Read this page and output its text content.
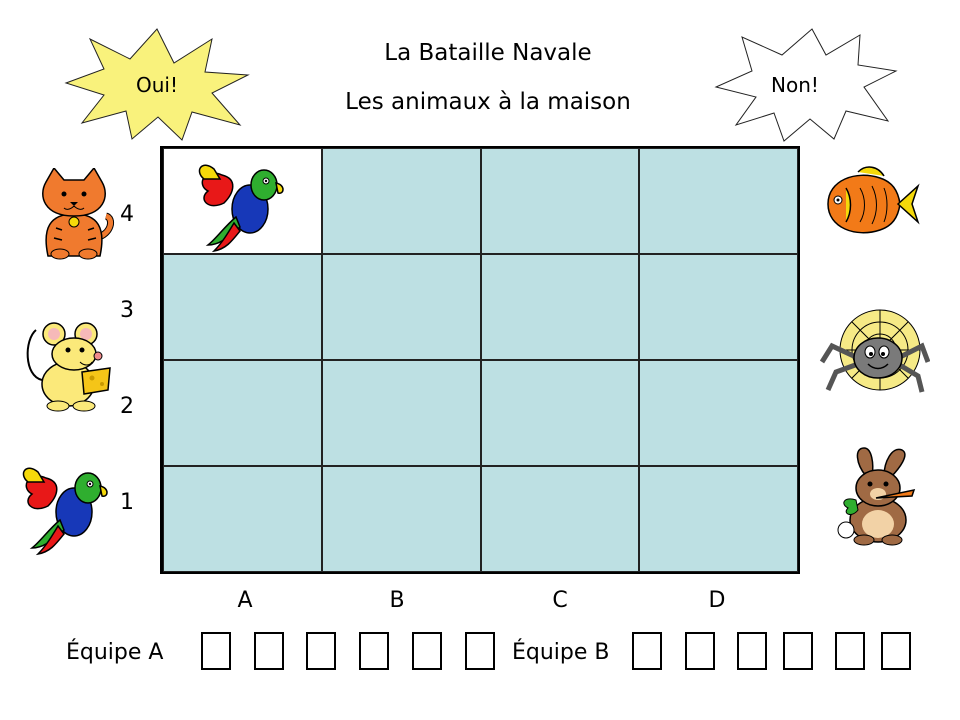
La Bataille Navale
Les animaux à la maison
Oui!	Non!
4
3
2
1
A	B	C	D
Équipe A	Équipe B
